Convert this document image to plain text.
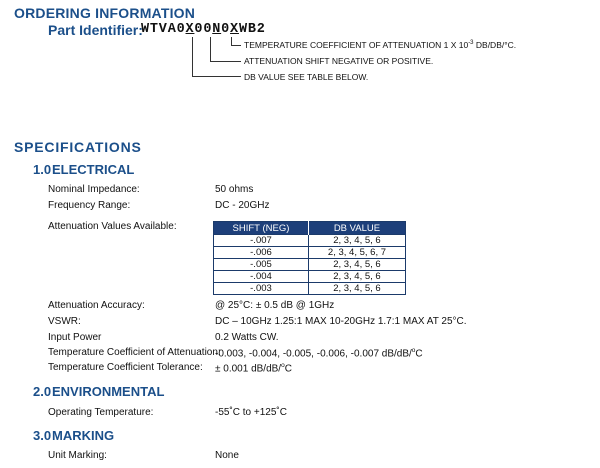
ORDERING INFORMATION
Part Identifier:
WTVA0X00N0XWB2
TEMPERATURE COEFFICIENT OF ATTENUATION 1 X $10^{-3}$ DB/DB/°C.
ATTENUATION SHIFT NEGATIVE OR POSITIVE.
DB VALUE SEE TABLE BELOW.
SPECIFICATIONS
1.0ELECTRICAL
Nominal Impedance:	50 ohms
Frequency Range:	DC - 20GHz
Attenuation Values Available:	SHIFT (NEG)	DB VALUE
-.007	2, 3, 4, 5, 6
-.006	2, 3, 4, 5, 6, 7
-.005	2, 3, 4, 5, 6
-.004	2, 3, 4, 5, 6
-.003	2, 3, 4, 5, 6
Attenuation Accuracy:	@ 25°C: ± 0.5 dB @ 1GHz
VSWR:	DC – 10GHz 1.25:1 MAX 10-20GHz 1.7:1 MAX AT 25°C.
Input Power	0.2 Watts CW.
Temperature Coefficient of Attenuation:
-0.003, -0.004, -0.005, -0.006, -0.007 dB/dB/$^o$C
Temperature Coefficient Tolerance: ± 0.001 dB/dB/$^o$C
2.0ENVIRONMENTAL
Operating Temperature:	-55˚C to +125˚C
3.0MARKING
Unit Marking:	None
